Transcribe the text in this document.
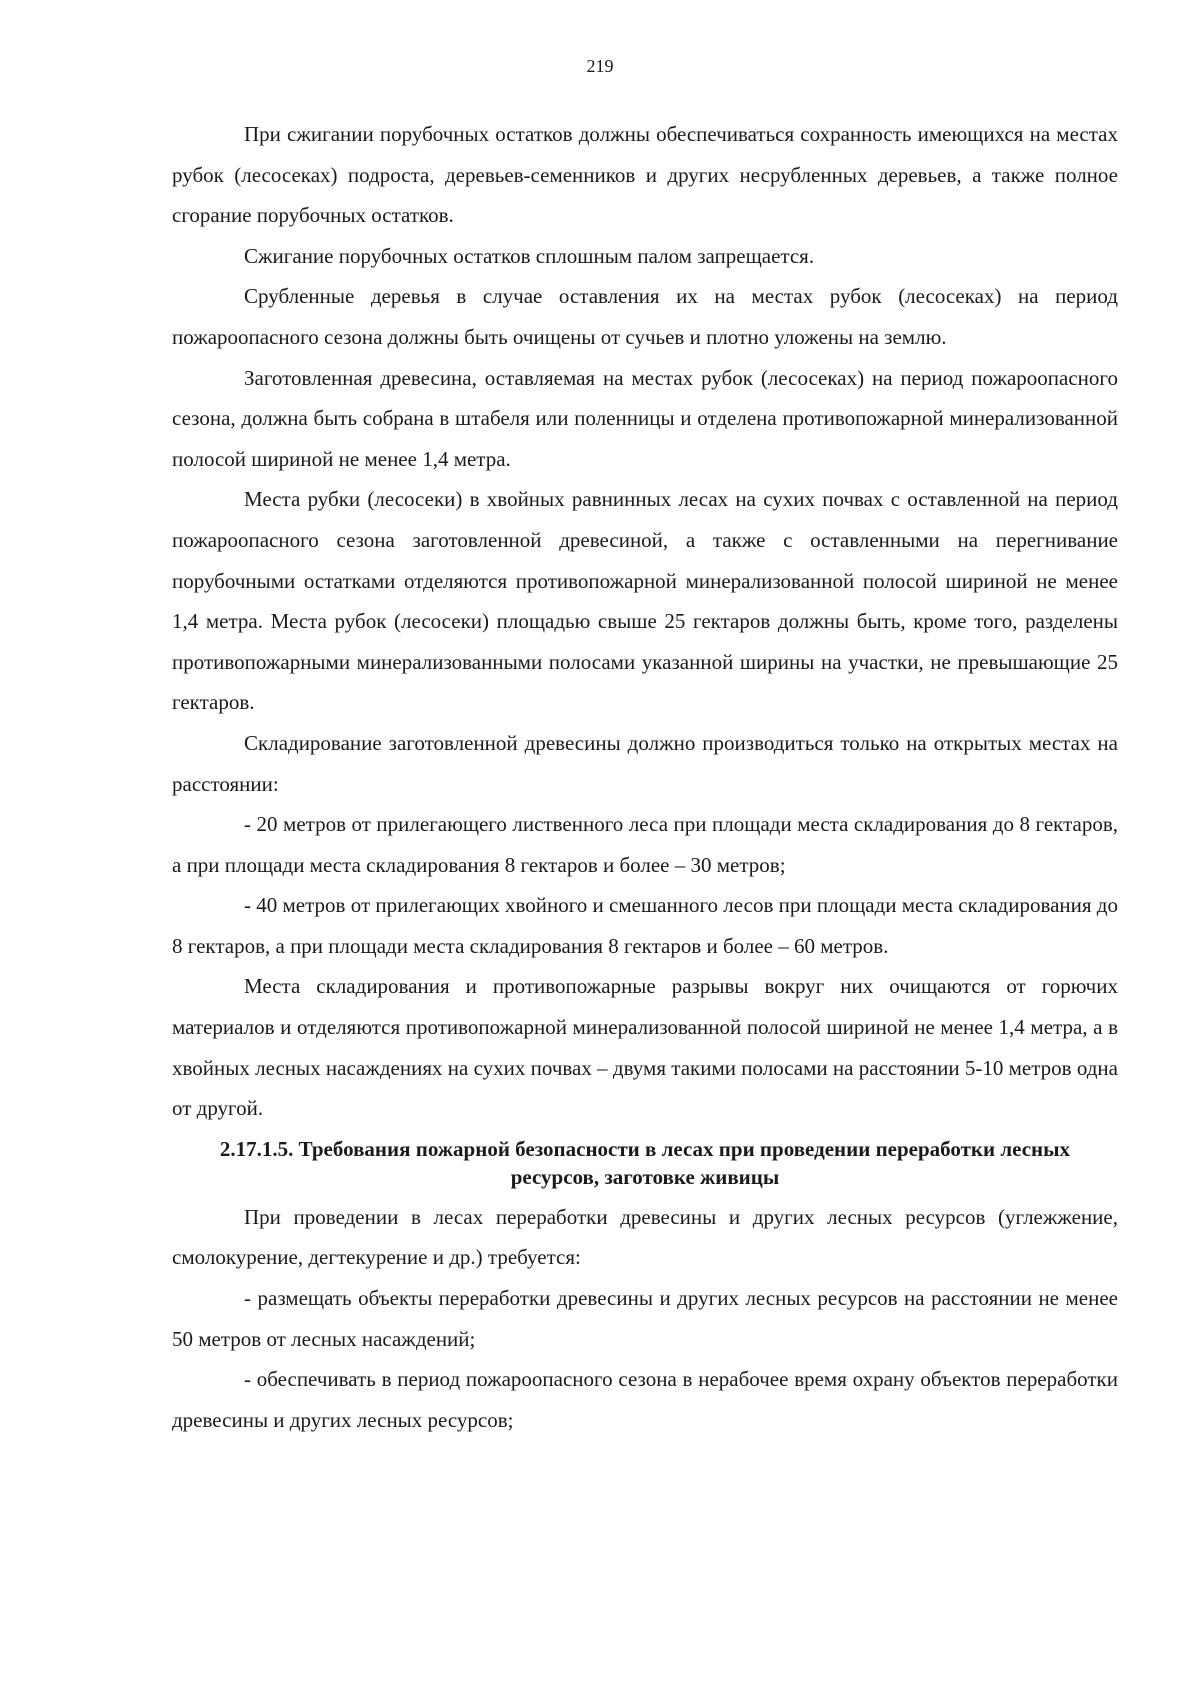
219

При сжигании порубочных остатков должны обеспечиваться сохранность имеющихся на местах рубок (лесосеках) подроста, деревьев-семенников и других несрубленных деревьев, а также полное сгорание порубочных остатков.

Сжигание порубочных остатков сплошным палом запрещается.

Срубленные деревья в случае оставления их на местах рубок (лесосеках) на период пожароопасного сезона должны быть очищены от сучьев и плотно уложены на землю.

Заготовленная древесина, оставляемая на местах рубок (лесосеках) на период пожароопасного сезона, должна быть собрана в штабеля или поленницы и отделена противопожарной минерализованной полосой шириной не менее 1,4 метра.

Места рубки (лесосеки) в хвойных равнинных лесах на сухих почвах с оставленной на период пожароопасного сезона заготовленной древесиной, а также с оставленными на перегнивание порубочными остатками отделяются противопожарной минерализованной полосой шириной не менее 1,4 метра. Места рубок (лесосеки) площадью свыше 25 гектаров должны быть, кроме того, разделены противопожарными минерализованными полосами указанной ширины на участки, не превышающие 25 гектаров.

Складирование заготовленной древесины должно производиться только на открытых местах на расстоянии:

- 20 метров от прилегающего лиственного леса при площади места складирования до 8 гектаров, а при площади места складирования 8 гектаров и более – 30 метров;

- 40 метров от прилегающих хвойного и смешанного лесов при площади места складирования до 8 гектаров, а при площади места складирования 8 гектаров и более – 60 метров.

Места складирования и противопожарные разрывы вокруг них очищаются от горючих материалов и отделяются противопожарной минерализованной полосой шириной не менее 1,4 метра, а в хвойных лесных насаждениях на сухих почвах – двумя такими полосами на расстоянии 5-10 метров одна от другой.

2.17.1.5. Требования пожарной безопасности в лесах при проведении переработки лесных ресурсов, заготовке живицы

При проведении в лесах переработки древесины и других лесных ресурсов (углежжение, смолокурение, дегтекурение и др.) требуется:

- размещать объекты переработки древесины и других лесных ресурсов на расстоянии не менее 50 метров от лесных насаждений;

- обеспечивать в период пожароопасного сезона в нерабочее время охрану объектов переработки древесины и других лесных ресурсов;
